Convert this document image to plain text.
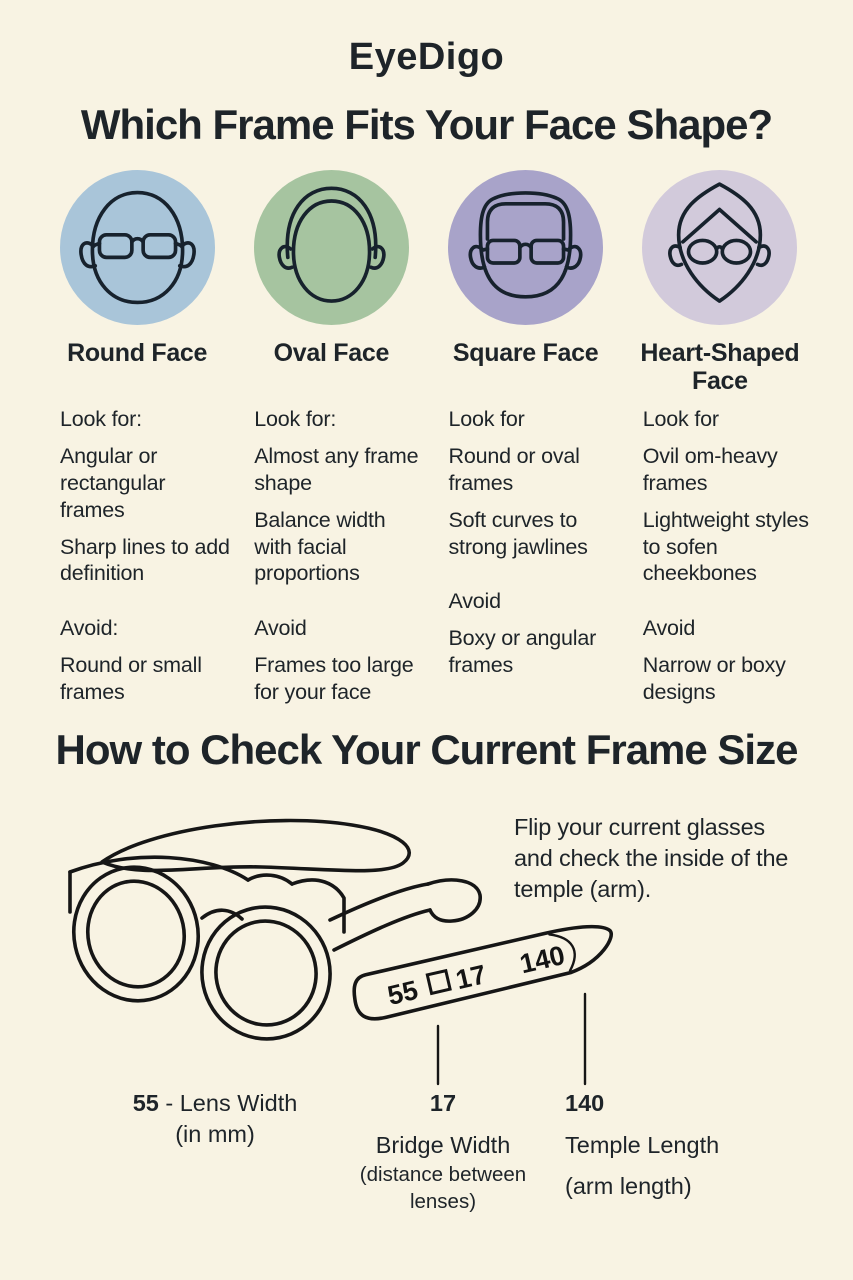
EyeDigo
Which Frame Fits Your Face Shape?
Round Face
Look for:
Angular or rectangular frames
Sharp lines to add definition
Avoid:
Round or small frames
Oval Face
Look for:
Almost any frame shape
Balance width with facial proportions
Avoid
Frames too large for your face
Square Face
Look for
Round or oval frames
Soft curves to strong jawlines
Avoid
Boxy or angular frames
Heart-Shaped Face
Look for
Ovil om-heavy frames
Lightweight styles to sofen cheekbones
Avoid
Narrow or boxy designs
How to Check Your Current Frame Size
55 17 140
Flip your current glasses and check the inside of the temple (arm).
55 - Lens Width
(in mm)
17
Bridge Width
(distance between lenses)
140
Temple Length
(arm length)
